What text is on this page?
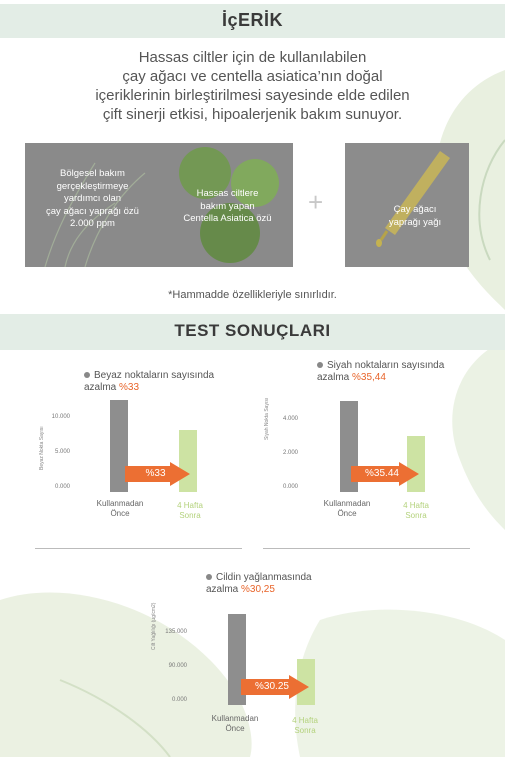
İçERİK
Hassas ciltler için de kullanılabilen
çay ağacı ve centella asiatica’nın doğal
içeriklerinin birleştirilmesi sayesinde elde edilen
çift sinerji etkisi, hipoalerjenik bakım sunuyor.
Bölgesel bakım
gerçekleştirmeye
yardımcı olan
çay ağacı yaprağı özü
2.000 ppm
Hassas ciltlere
bakım yapan
Centella Asiatica özü
+	Çay ağacı
yaprağı yağı
*Hammadde özellikleriyle sınırlıdır.
TEST SONUÇLARI
Beyaz noktaların sayısında
azalma %33
Beyaz Nokta Sayısı
10.000
5.000
0.000
%33
Kullanmadan
Önce
4 Hafta
Sonra
Siyah noktaların sayısında
azalma %35,44
Siyah Nokta Sayısı	4.000
2.000
0.000
%35.44
Kullanmadan
Önce
4 Hafta
Sonra
Cildin yağlanmasında
azalma %30,25
Cilt Yağlılığı (µg/cm2)	135.000
90.000
0.000
%30.25
Kullanmadan
Önce
4 Hafta
Sonra
